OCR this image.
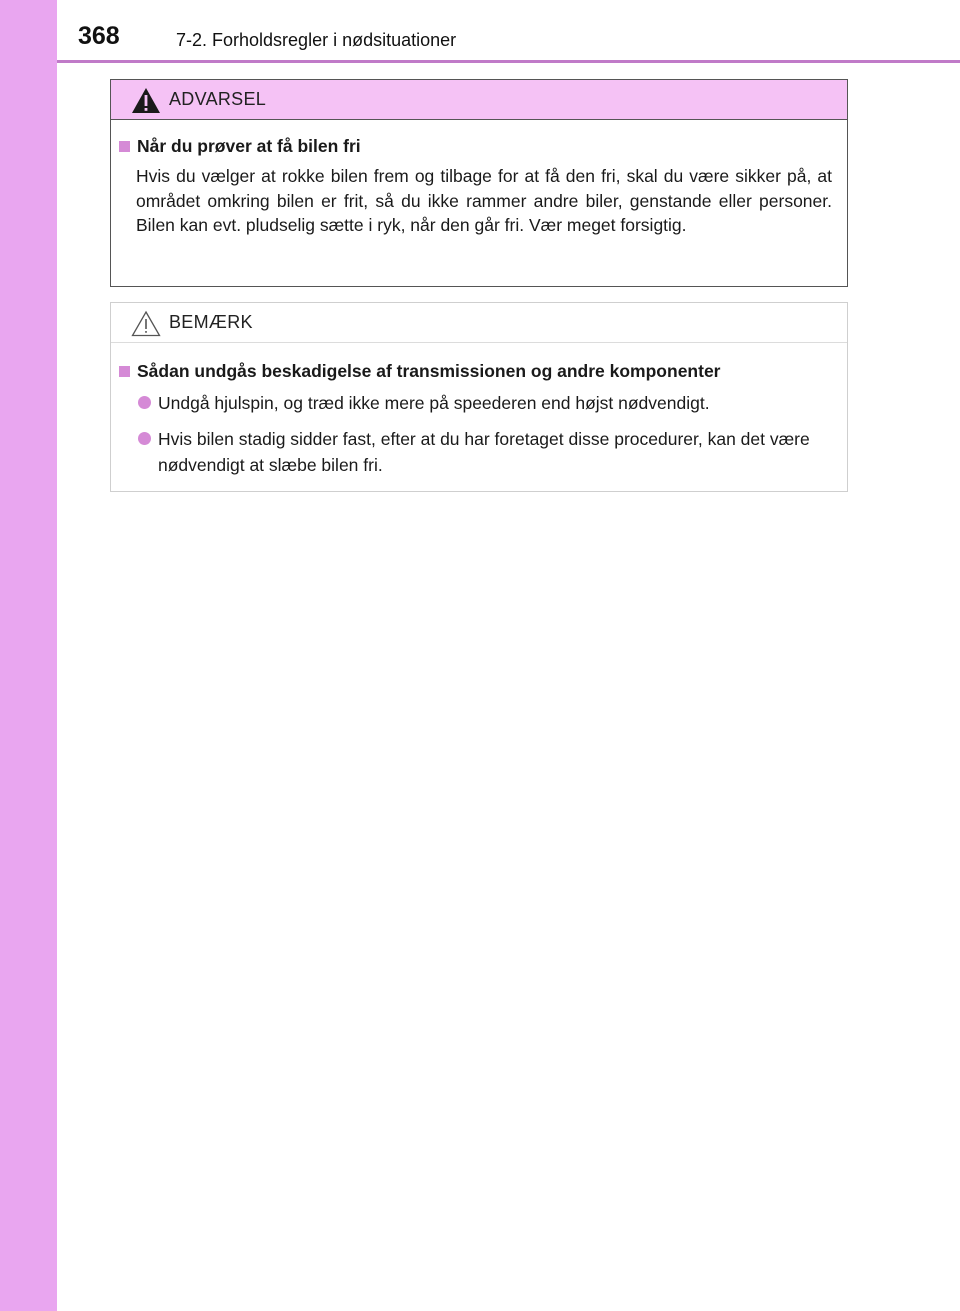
368	7-2. Forholdsregler i nødsituationer
ADVARSEL
Når du prøver at få bilen fri
Hvis du vælger at rokke bilen frem og tilbage for at få den fri, skal du være sikker på, at området omkring bilen er frit, så du ikke rammer andre biler, genstande eller personer. Bilen kan evt. pludselig sætte i ryk, når den går fri. Vær meget forsigtig.
BEMÆRK
Sådan undgås beskadigelse af transmissionen og andre komponenter
Undgå hjulspin, og træd ikke mere på speederen end højst nødvendigt.
Hvis bilen stadig sidder fast, efter at du har foretaget disse procedurer, kan det være nødvendigt at slæbe bilen fri.
